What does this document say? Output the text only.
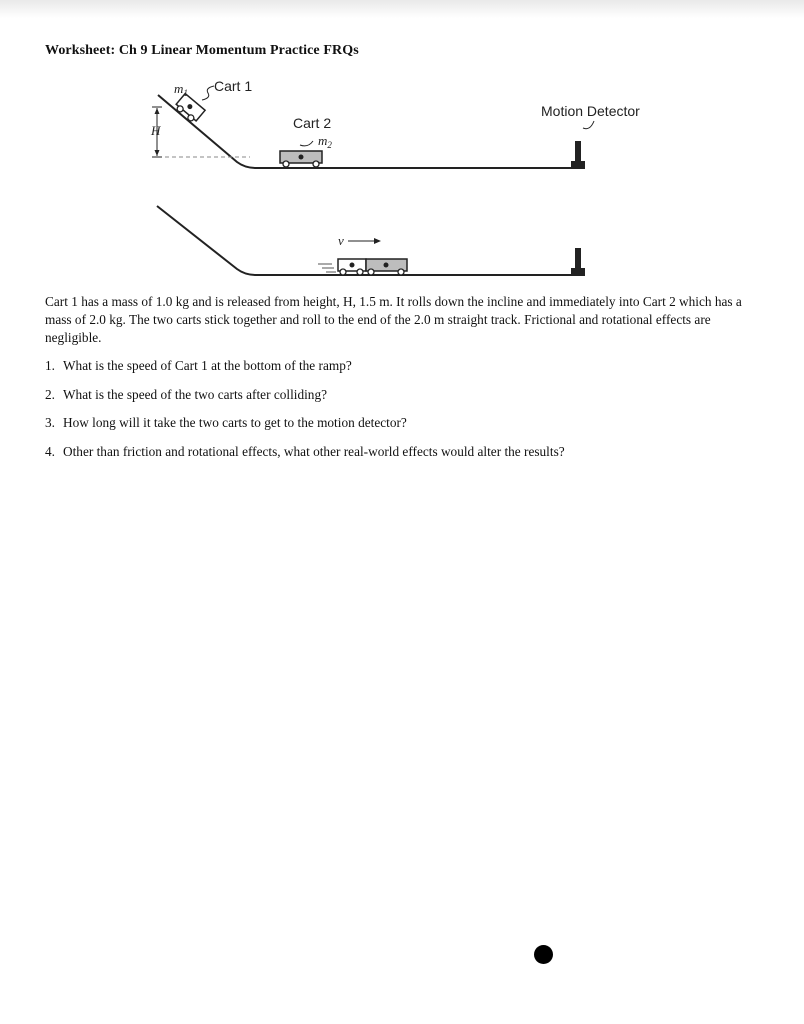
Worksheet: Ch 9 Linear Momentum Practice FRQs
H
$m_1$ Cart 1
Cart 2
$m_2$
Motion Detector
v

Cart 1 has a mass of 1.0 kg and is released from height, H, 1.5 m. It rolls down the incline and immediately into Cart 2 which has a mass of 2.0 kg. The two carts stick together and roll to the end of the 2.0 m straight track. Frictional and rotational effects are negligible.

1. What is the speed of Cart 1 at the bottom of the ramp?
2. What is the speed of the two carts after colliding?
3. How long will it take the two carts to get to the motion detector?
4. Other than friction and rotational effects, what other real-world effects would alter the results?
